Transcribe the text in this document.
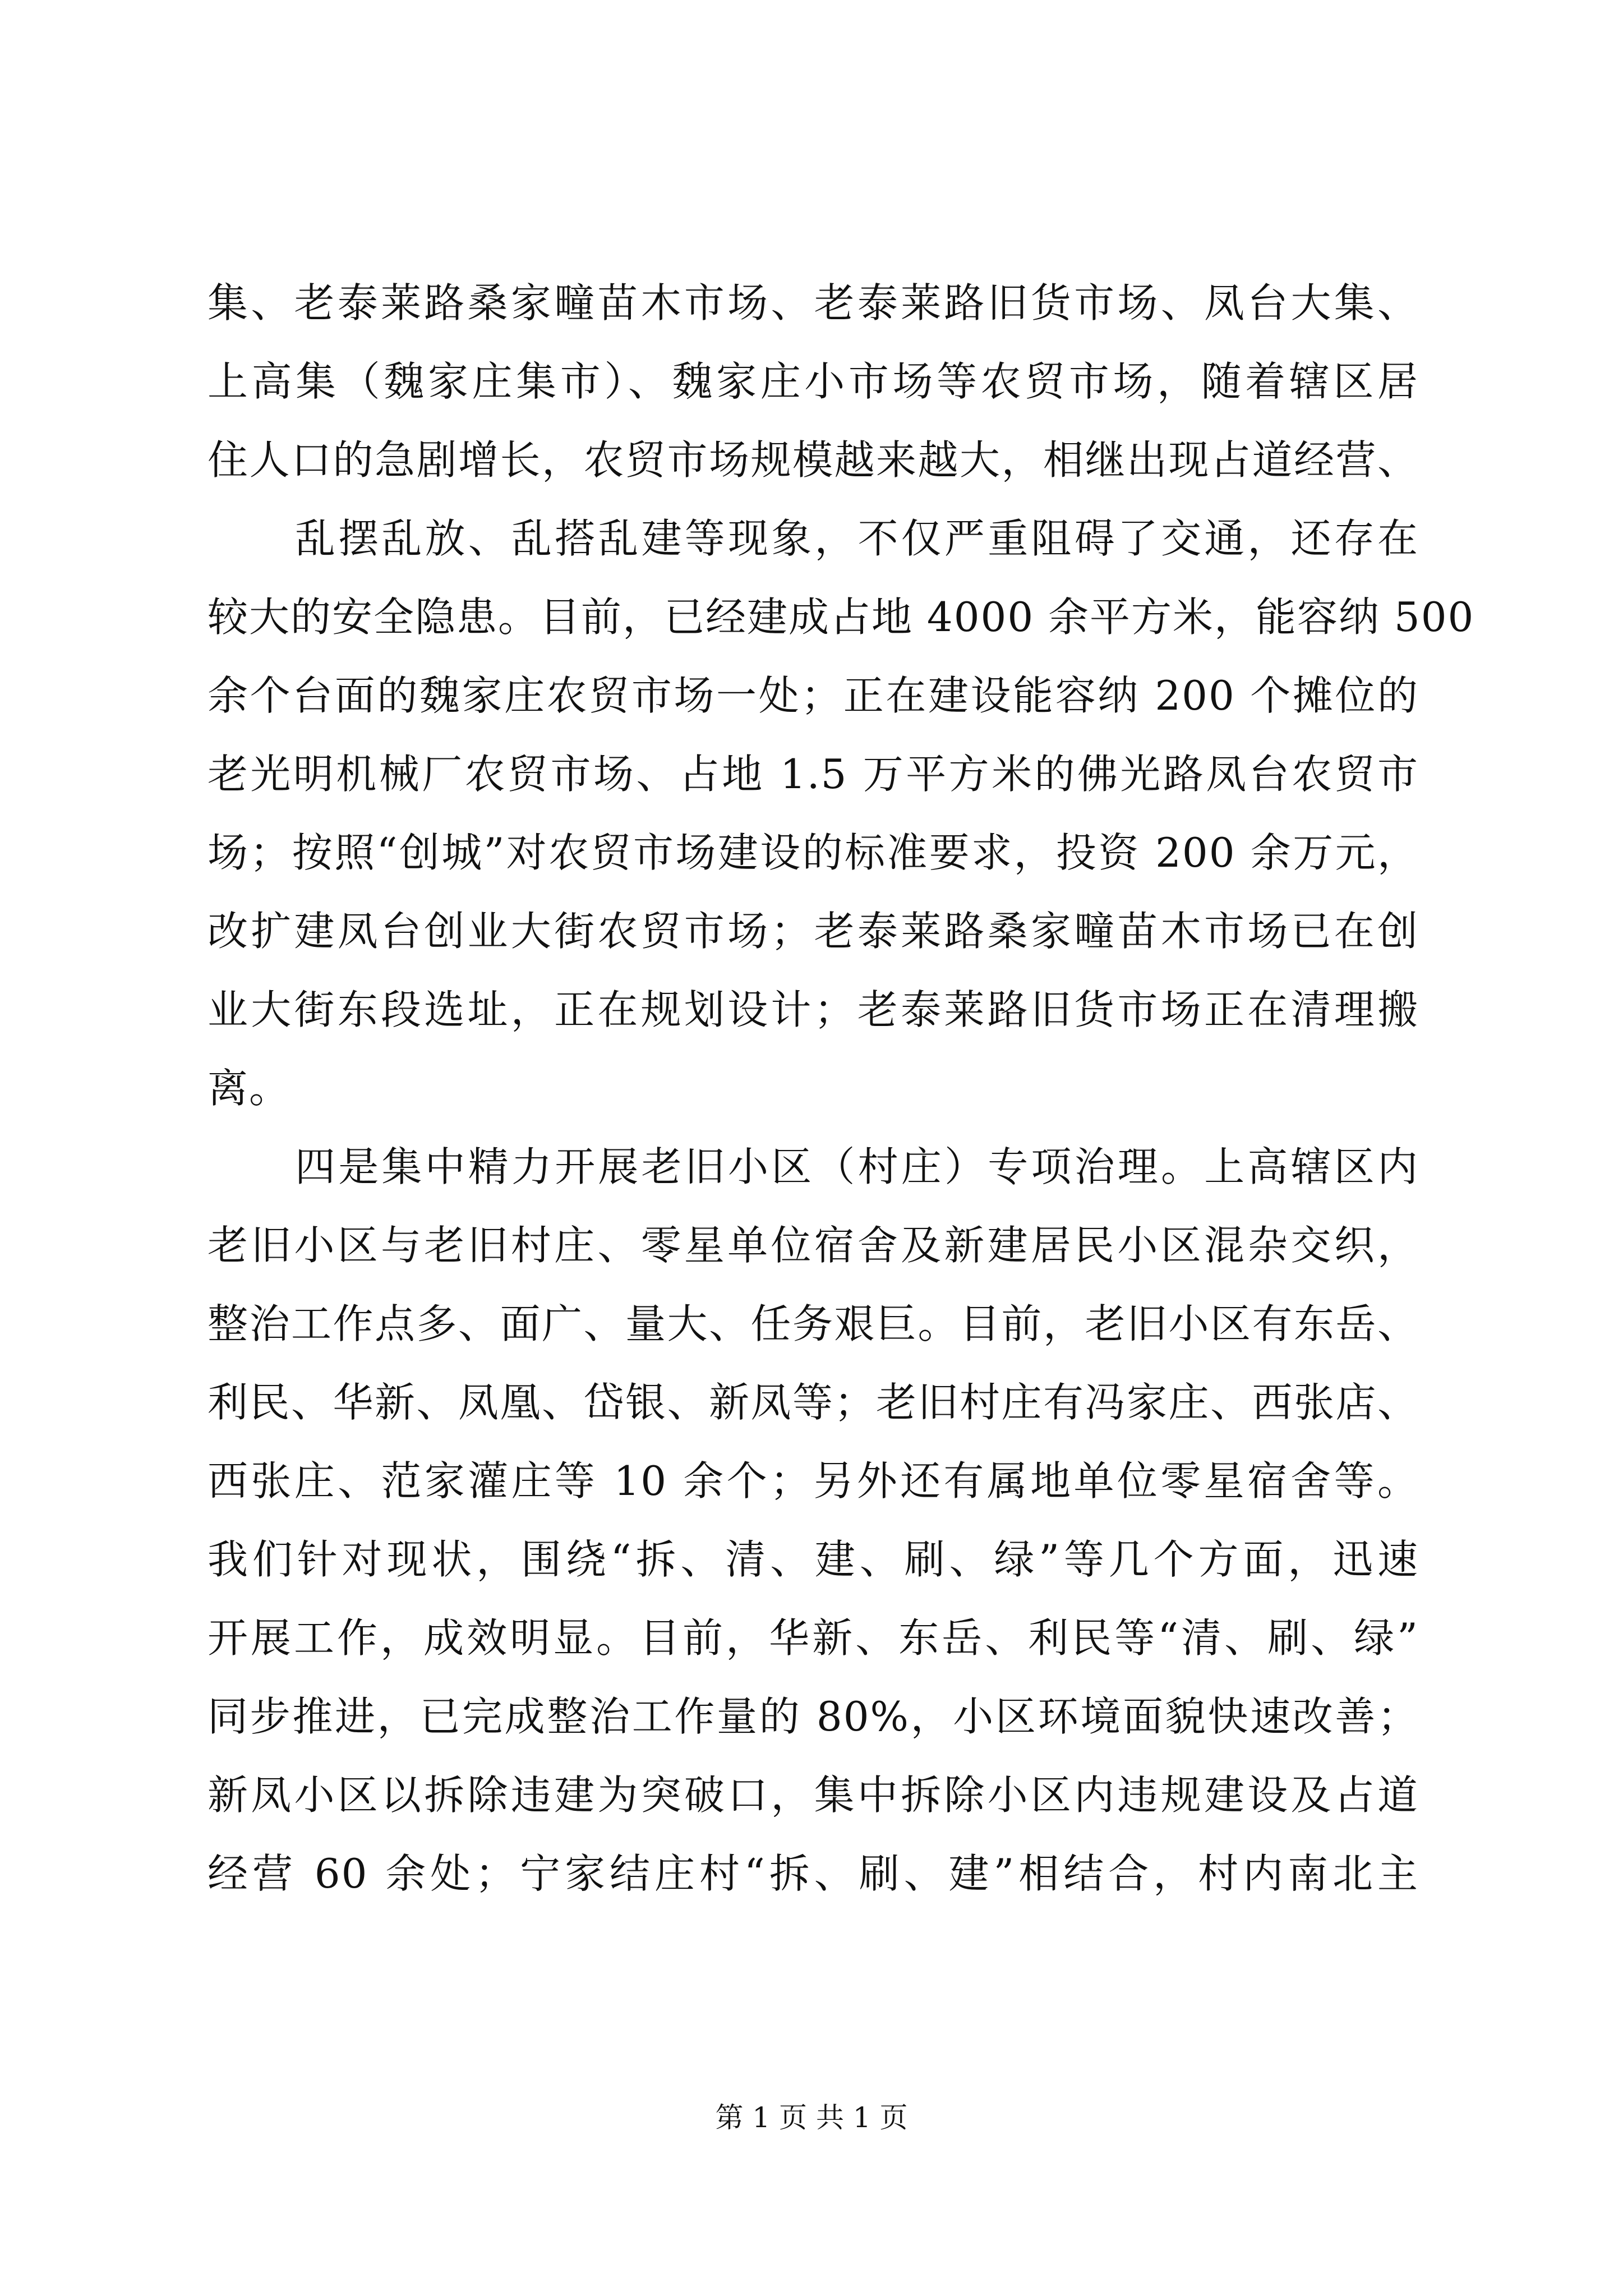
集、老泰莱路桑家疃苗木市场、老泰莱路旧货市场、凤台大集、
上高集（魏家庄集市）、魏家庄小市场等农贸市场，随着辖区居
住人口的急剧增长，农贸市场规模越来越大，相继出现占道经营、
乱摆乱放、乱搭乱建等现象，不仅严重阻碍了交通，还存在
较大的安全隐患。目前，已经建成占地 4000 余平方米，能容纳 500
余个台面的魏家庄农贸市场一处；正在建设能容纳 200 个摊位的
老光明机械厂农贸市场、占地 1.5 万平方米的佛光路凤台农贸市
场；按照“创城”对农贸市场建设的标准要求，投资 200 余万元，
改扩建凤台创业大街农贸市场；老泰莱路桑家疃苗木市场已在创
业大街东段选址，正在规划设计；老泰莱路旧货市场正在清理搬
离。
四是集中精力开展老旧小区（村庄）专项治理。上高辖区内
老旧小区与老旧村庄、零星单位宿舍及新建居民小区混杂交织，
整治工作点多、面广、量大、任务艰巨。目前，老旧小区有东岳、
利民、华新、凤凰、岱银、新凤等；老旧村庄有冯家庄、西张店、
西张庄、范家灌庄等 10 余个；另外还有属地单位零星宿舍等。
我们针对现状，围绕“拆、清、建、刷、绿”等几个方面，迅速
开展工作，成效明显。目前，华新、东岳、利民等“清、刷、绿”
同步推进，已完成整治工作量的 80%，小区环境面貌快速改善；
新凤小区以拆除违建为突破口，集中拆除小区内违规建设及占道
经营 60 余处；宁家结庄村“拆、刷、建”相结合，村内南北主
第 1 页 共 1 页
